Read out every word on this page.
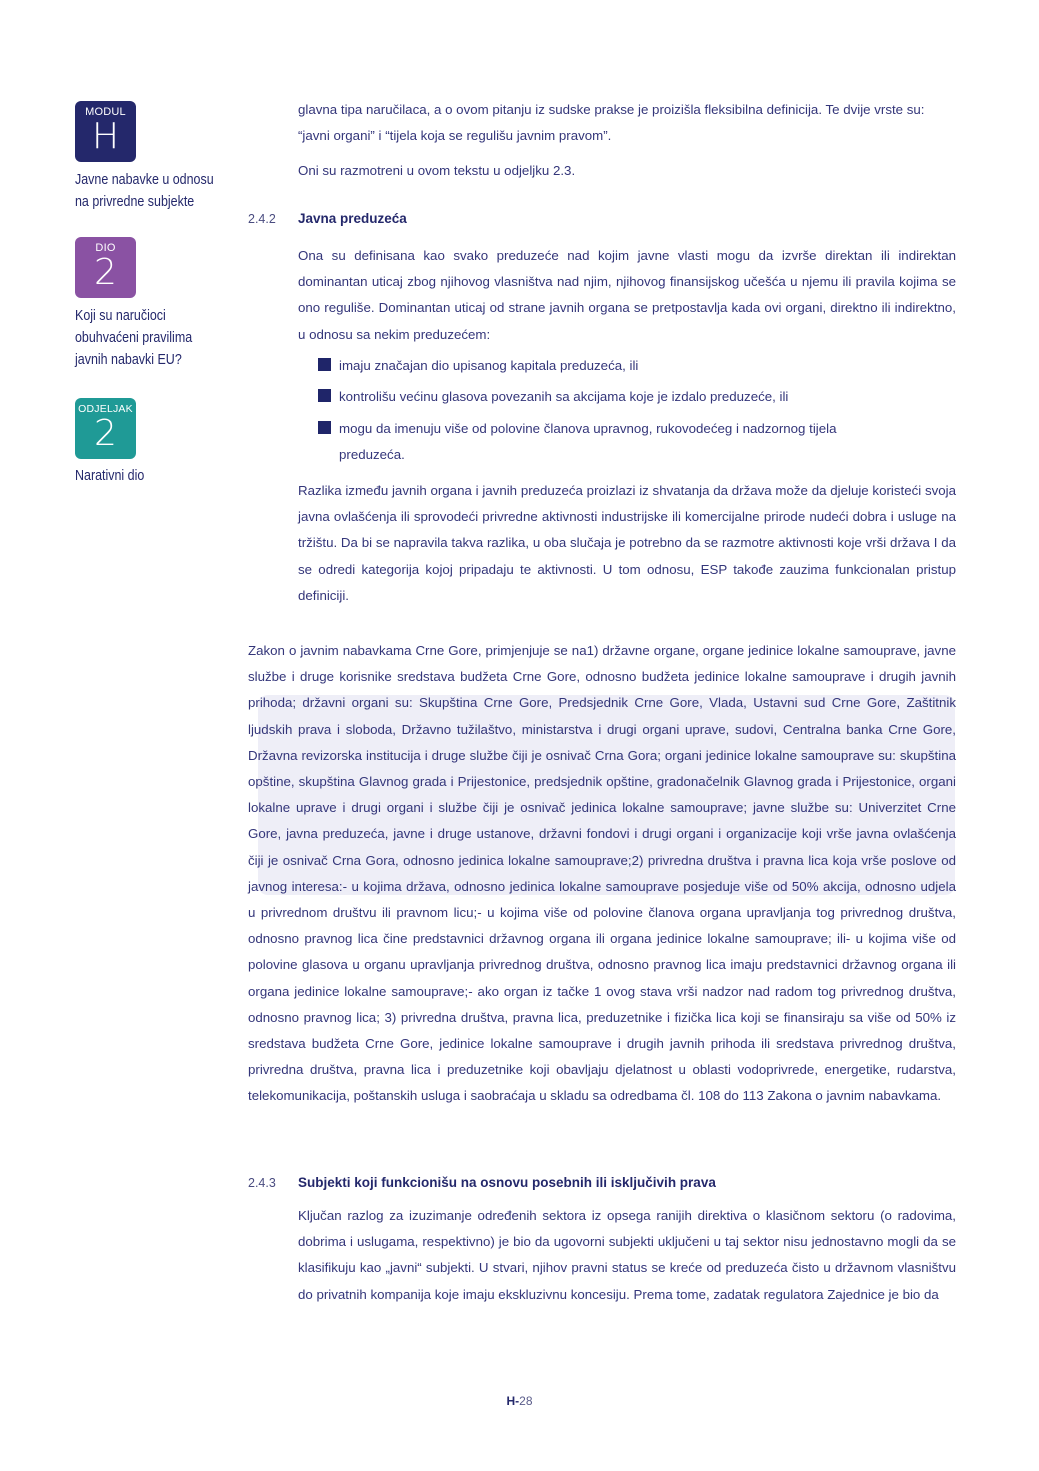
MODUL
H
Javne nabavke u odnosu
na privredne subjekte
DIO
2
Koji su naručioci
obuhvaćeni pravilima
javnih nabavki EU?
ODJELJAK
2
Narativni dio

glavna tipa naručilaca, a o ovom pitanju iz sudske prakse je proizišla fleksibilna definicija. Te dvije vrste su:

“javni organi” i “tijela koja se regulišu javnim pravom”.

Oni su razmotreni u ovom tekstu u odjeljku 2.3.

2.4.2 Javna preduzeća

Ona su definisana kao svako preduzeće nad kojim javne vlasti mogu da izvrše direktan ili indirektan dominantan uticaj zbog njihovog vlasništva nad njim, njihovog finansijskog učešća u njemu ili pravila kojima se ono reguliše. Dominantan uticaj od strane javnih organa se pretpostavlja kada ovi organi, direktno ili indirektno, u odnosu sa nekim preduzećem:

imaju značajan dio upisanog kapitala preduzeća, ili
kontrolišu većinu glasova povezanih sa akcijama koje je izdalo preduzeće, ili
mogu da imenuju više od polovine članova upravnog, rukovodećeg i nadzornog tijela
preduzeća.

Razlika između javnih organa i javnih preduzeća proizlazi iz shvatanja da država može da djeluje koristeći svoja javna ovlašćenja ili sprovodeći privredne aktivnosti industrijske ili komercijalne prirode nudeći dobra i usluge na tržištu. Da bi se napravila takva razlika, u oba slučaja je potrebno da se razmotre aktivnosti koje vrši država I da se odredi kategorija kojoj pripadaju te aktivnosti. U tom odnosu, ESP takođe zauzima funkcionalan pristup definiciji.

Zakon o javnim nabavkama Crne Gore, primjenjuje se na1) državne organe, organe jedinice lokalne samouprave, javne službe i druge korisnike sredstava budžeta Crne Gore, odnosno budžeta jedinice lokalne samouprave i drugih javnih prihoda; državni organi su: Skupština Crne Gore, Predsjednik Crne Gore, Vlada, Ustavni sud Crne Gore, Zaštitnik ljudskih prava i sloboda, Državno tužilaštvo, ministarstva i drugi organi uprave, sudovi, Centralna banka Crne Gore, Državna revizorska institucija i druge službe čiji je osnivač Crna Gora; organi jedinice lokalne samouprave su: skupština opštine, skupština Glavnog grada i Prijestonice, predsjednik opštine, gradonačelnik Glavnog grada i Prijestonice, organi lokalne uprave i drugi organi i službe čiji je osnivač jedinica lokalne samouprave; javne službe su: Univerzitet Crne Gore, javna preduzeća, javne i druge ustanove, državni fondovi i drugi organi i organizacije koji vrše javna ovlašćenja čiji je osnivač Crna Gora, odnosno jedinica lokalne samouprave;2) privredna društva i pravna lica koja vrše poslove od javnog interesa:- u kojima država, odnosno jedinica lokalne samouprave posjeduje više od 50% akcija, odnosno udjela u privrednom društvu ili pravnom licu;- u kojima više od polovine članova organa upravljanja tog privrednog društva, odnosno pravnog lica čine predstavnici državnog organa ili organa jedinice lokalne samouprave; ili- u kojima više od polovine glasova u organu upravljanja privrednog društva, odnosno pravnog lica imaju predstavnici državnog organa ili organa jedinice lokalne samouprave;- ako organ iz tačke 1 ovog stava vrši nadzor nad radom tog privrednog društva, odnosno pravnog lica; 3) privredna društva, pravna lica, preduzetnike i fizička lica koji se finansiraju sa više od 50% iz sredstava budžeta Crne Gore, jedinice lokalne samouprave i drugih javnih prihoda ili sredstava privrednog društva, privredna društva, pravna lica i preduzetnike koji obavljaju djelatnost u oblasti vodoprivrede, energetike, rudarstva, telekomunikacija, poštanskih usluga i saobraćaja u skladu sa odredbama čl. 108 do 113 Zakona o javnim nabavkama.

2.4.3 Subjekti koji funkcionišu na osnovu posebnih ili isključivih prava

Ključan razlog za izuzimanje određenih sektora iz opsega ranijih direktiva o klasičnom sektoru (o radovima, dobrima i uslugama, respektivno) je bio da ugovorni subjekti uključeni u taj sektor nisu jednostavno mogli da se klasifikuju kao „javni“ subjekti. U stvari, njihov pravni status se kreće od preduzeća čisto u državnom vlasništvu do privatnih kompanija koje imaju ekskluzivnu koncesiju. Prema tome, zadatak regulatora Zajednice je bio da

H-28
